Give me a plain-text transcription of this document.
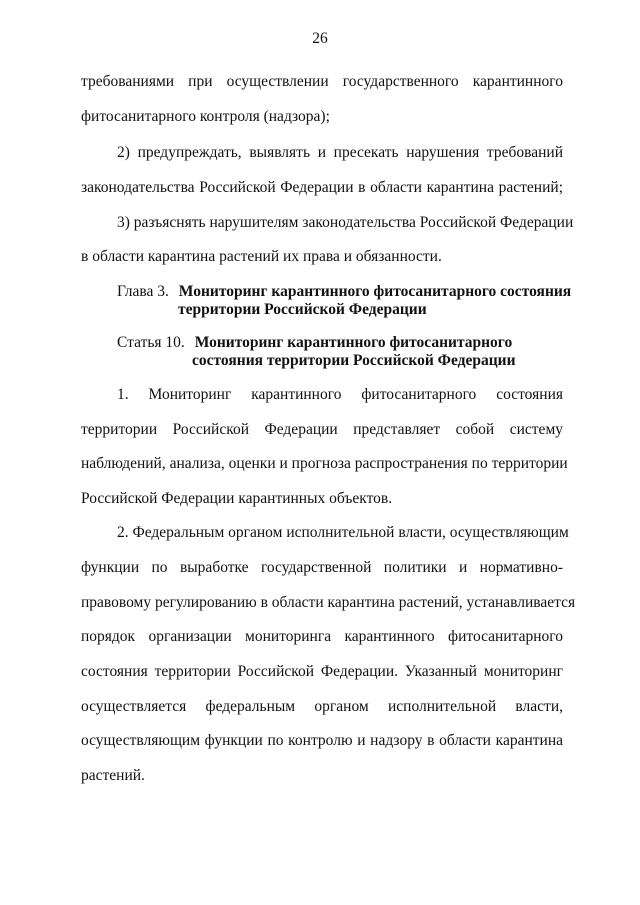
26
требованиями при осуществлении государственного карантинного
фитосанитарного контроля (надзора);
2) предупреждать, выявлять и пресекать нарушения требований
законодательства Российской Федерации в области карантина растений;
3) разъяснять нарушителям законодательства Российской Федерации
в области карантина растений их права и обязанности.
Глава 3. Мониторинг карантинного фитосанитарного состояния
территории Российской Федерации
Статья 10. Мониторинг карантинного фитосанитарного
состояния территории Российской Федерации
1. Мониторинг карантинного фитосанитарного состояния
территории Российской Федерации представляет собой системy
наблюдений, анализа, оценки и прогноза распространения по территории
Российской Федерации карантинных объектов.
2. Федеральным органом исполнительной власти, осуществляющим
функции по выработке государственной политики и нормативно-
правовому регулированию в области карантина растений, устанавливается
порядок организации мониторинга карантинного фитосанитарного
состояния территории Российской Федерации. Указанный мониторинг
осуществляется федеральным органом исполнительной власти,
осуществляющим функции по контролю и надзору в области карантина
растений.
